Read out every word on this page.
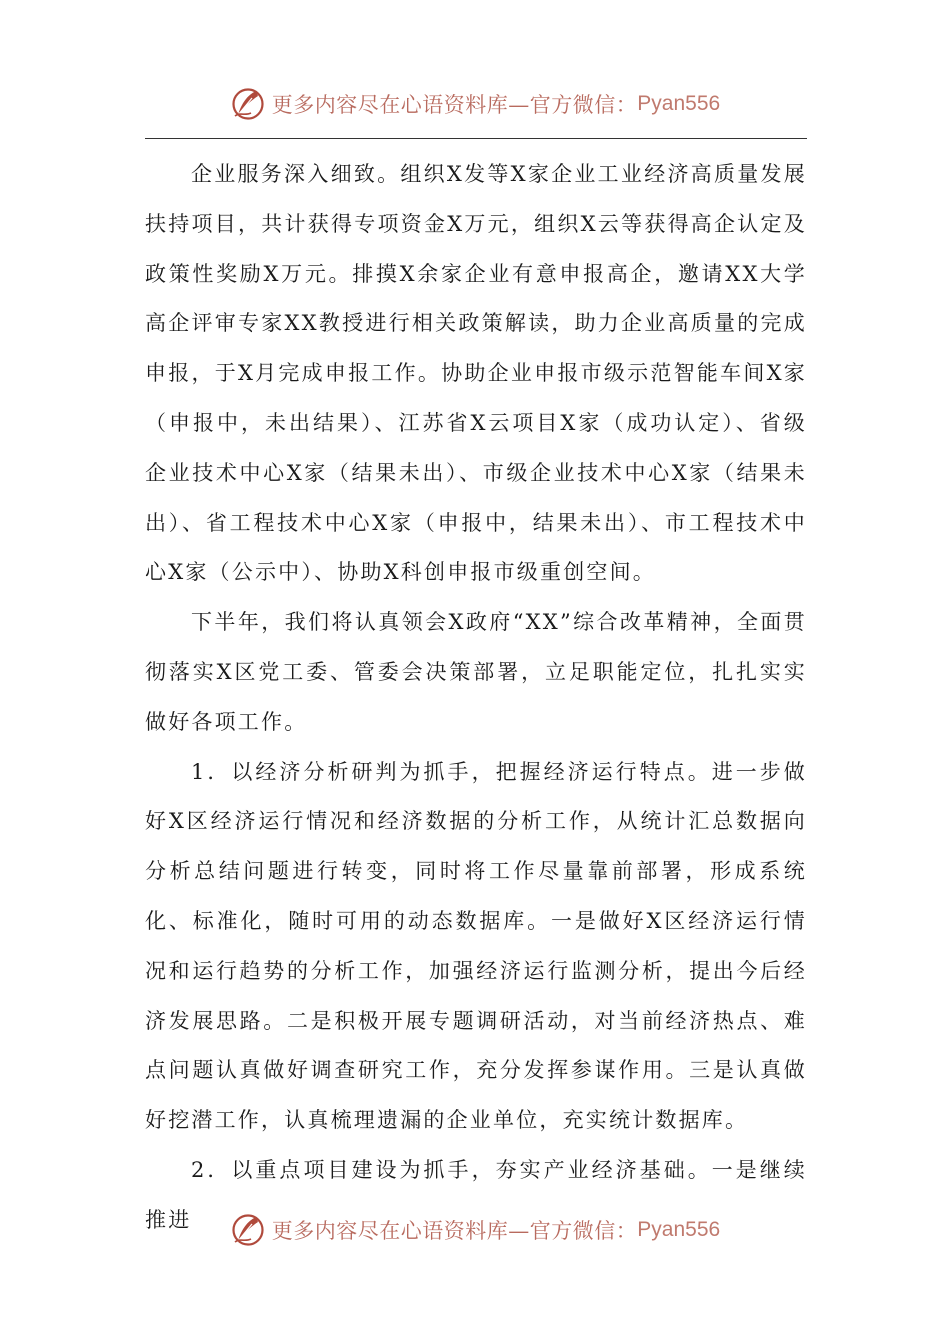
更多内容尽在心语资料库—官方微信： Pyan556

企业服务深入细致。组织X发等X家企业工业经济高质量发展扶持项目，共计获得专项资金X万元，组织X云等获得高企认定及政策性奖励X万元。排摸X余家企业有意申报高企，邀请XX大学高企评审专家XX教授进行相关政策解读，助力企业高质量的完成申报，于X月完成申报工作。协助企业申报市级示范智能车间X家（申报中，未出结果）、江苏省X云项目X家（成功认定）、省级企业技术中心X家（结果未出）、市级企业技术中心X家（结果未出）、省工程技术中心X家（申报中，结果未出）、市工程技术中心X家（公示中）、协助X科创申报市级重创空间。

下半年，我们将认真领会X政府“XX”综合改革精神，全面贯彻落实X区党工委、管委会决策部署，立足职能定位，扎扎实实做好各项工作。

1．以经济分析研判为抓手，把握经济运行特点。进一步做好X区经济运行情况和经济数据的分析工作，从统计汇总数据向分析总结问题进行转变，同时将工作尽量靠前部署，形成系统化、标准化，随时可用的动态数据库。一是做好X区经济运行情况和运行趋势的分析工作，加强经济运行监测分析，提出今后经济发展思路。二是积极开展专题调研活动，对当前经济热点、难点问题认真做好调查研究工作，充分发挥参谋作用。三是认真做好挖潜工作，认真梳理遗漏的企业单位，充实统计数据库。

2．以重点项目建设为抓手，夯实产业经济基础。一是继续推进	更多内容尽在心语资料库—官方微信： Pyan556
